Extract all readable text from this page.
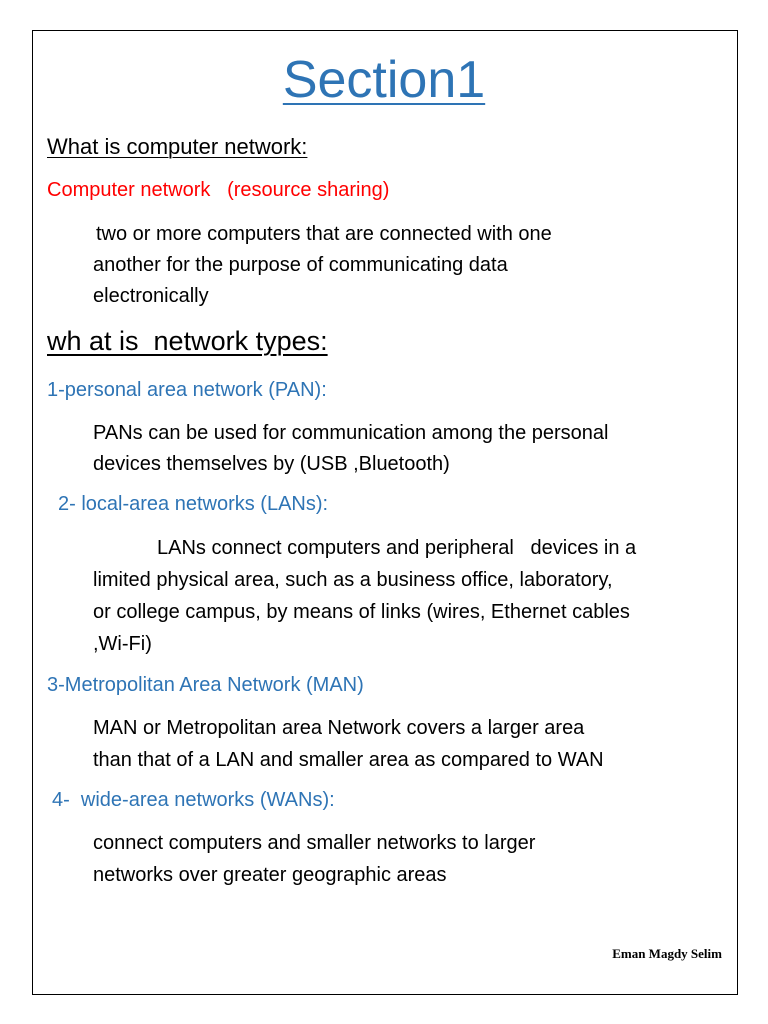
Section1
What is computer network:
Computer network   (resource sharing)
two or more computers that are connected with one
another for the purpose of communicating data
electronically
wh at is  network types:
1-personal area network (PAN):
PANs can be used for communication among the personal
devices themselves by (USB ,Bluetooth)
2- local-area networks (LANs):
LANs connect computers and peripheral   devices in a
limited physical area, such as a business office, laboratory,
or college campus, by means of links (wires, Ethernet cables
,Wi-Fi)
3-Metropolitan Area Network (MAN)
MAN or Metropolitan area Network covers a larger area
than that of a LAN and smaller area as compared to WAN
4-  wide-area networks (WANs):
connect computers and smaller networks to larger
networks over greater geographic areas
Eman Magdy Selim
